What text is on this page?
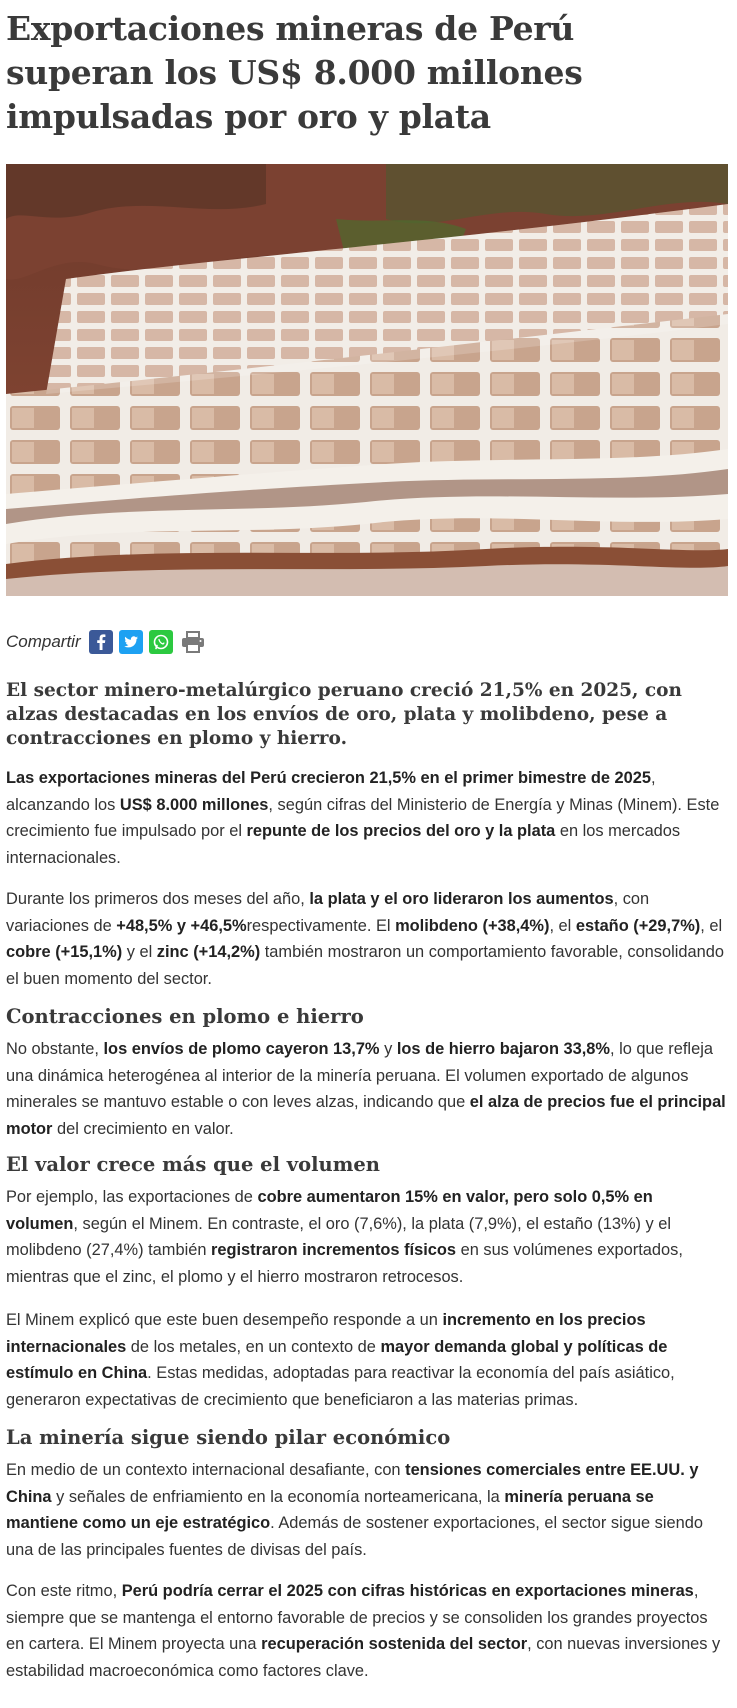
Exportaciones mineras de Perú superan los US$ 8.000 millones impulsadas por oro y plata
Compartir
El sector minero-metalúrgico peruano creció 21,5% en 2025, con alzas destacadas en los envíos de oro, plata y molibdeno, pese a contracciones en plomo y hierro.

Las exportaciones mineras del Perú crecieron 21,5% en el primer bimestre de 2025, alcanzando los US$ 8.000 millones, según cifras del Ministerio de Energía y Minas (Minem). Este crecimiento fue impulsado por el repunte de los precios del oro y la plata en los mercados internacionales.

Durante los primeros dos meses del año, la plata y el oro lideraron los aumentos, con variaciones de +48,5% y +46,5%respectivamente. El molibdeno (+38,4%), el estaño (+29,7%), el cobre (+15,1%) y el zinc (+14,2%) también mostraron un comportamiento favorable, consolidando el buen momento del sector.

Contracciones en plomo e hierro

No obstante, los envíos de plomo cayeron 13,7% y los de hierro bajaron 33,8%, lo que refleja una dinámica heterogénea al interior de la minería peruana. El volumen exportado de algunos minerales se mantuvo estable o con leves alzas, indicando que el alza de precios fue el principal motor del crecimiento en valor.

El valor crece más que el volumen

Por ejemplo, las exportaciones de cobre aumentaron 15% en valor, pero solo 0,5% en volumen, según el Minem. En contraste, el oro (7,6%), la plata (7,9%), el estaño (13%) y el molibdeno (27,4%) también registraron incrementos físicos en sus volúmenes exportados, mientras que el zinc, el plomo y el hierro mostraron retrocesos.

El Minem explicó que este buen desempeño responde a un incremento en los precios internacionales de los metales, en un contexto de mayor demanda global y políticas de estímulo en China. Estas medidas, adoptadas para reactivar la economía del país asiático, generaron expectativas de crecimiento que beneficiaron a las materias primas.

La minería sigue siendo pilar económico

En medio de un contexto internacional desafiante, con tensiones comerciales entre EE.UU. y China y señales de enfriamiento en la economía norteamericana, la minería peruana se mantiene como un eje estratégico. Además de sostener exportaciones, el sector sigue siendo una de las principales fuentes de divisas del país.

Con este ritmo, Perú podría cerrar el 2025 con cifras históricas en exportaciones mineras, siempre que se mantenga el entorno favorable de precios y se consoliden los grandes proyectos en cartera. El Minem proyecta una recuperación sostenida del sector, con nuevas inversiones y estabilidad macroeconómica como factores clave.
